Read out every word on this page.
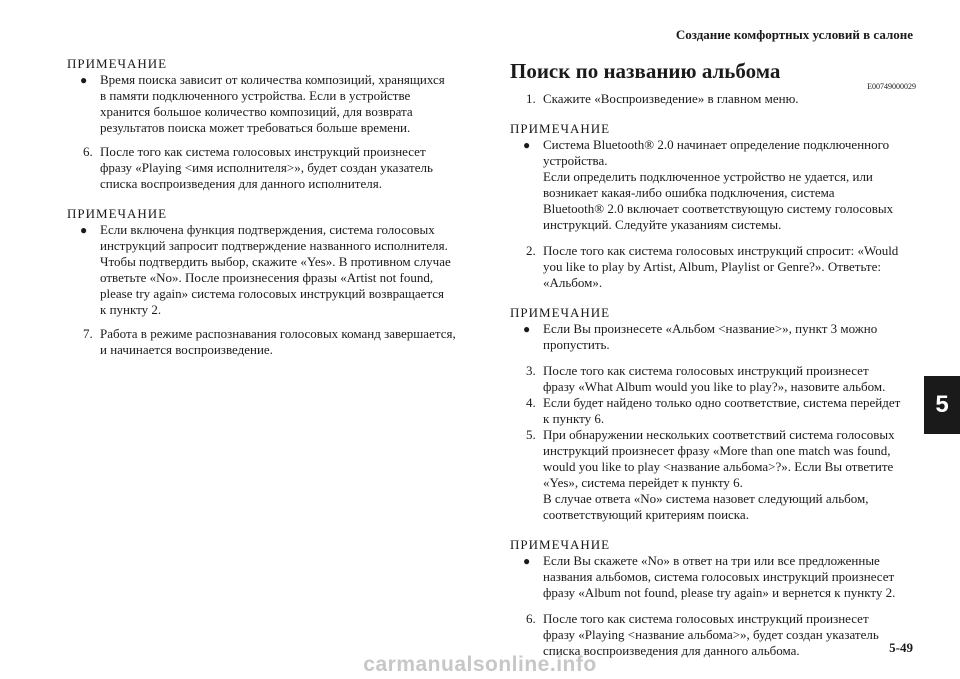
Создание комфортных условий в салоне
ПРИМЕЧАНИЕ
● Время поиска зависит от количества композиций, хранящихся
в памяти подключенного устройства. Если в устройстве
хранится большое количество композиций, для возврата
результатов поиска может требоваться больше времени.
6. После того как система голосовых инструкций произнесет
фразу «Playing <имя исполнителя>», будет создан указатель
списка воспроизведения для данного исполнителя.
ПРИМЕЧАНИЕ
● Если включена функция подтверждения, система голосовых
инструкций запросит подтверждение названного исполнителя.
Чтобы подтвердить выбор, скажите «Yes». В противном случае
ответьте «No». После произнесения фразы «Artist not found,
please try again» система голосовых инструкций возвращается
к пункту 2.
7. Работа в режиме распознавания голосовых команд завершается,
и начинается воспроизведение.
Поиск по названию альбома
E00749000029
1. Скажите «Воспроизведение» в главном меню.
ПРИМЕЧАНИЕ
● Система Bluetooth® 2.0 начинает определение подключенного
устройства.
Если определить подключенное устройство не удается, или
возникает какая-либо ошибка подключения, система
Bluetooth® 2.0 включает соответствующую систему голосовых
инструкций. Следуйте указаниям системы.
2. После того как система голосовых инструкций спросит: «Would
you like to play by Artist, Album, Playlist or Genre?». Ответьте:
«Альбом».
ПРИМЕЧАНИЕ
● Если Вы произнесете «Альбом <название>», пункт 3 можно
пропустить.
3. После того как система голосовых инструкций произнесет
фразу «What Album would you like to play?», назовите альбом.
4. Если будет найдено только одно соответствие, система перейдет
к пункту 6.
5. При обнаружении нескольких соответствий система голосовых
инструкций произнесет фразу «More than one match was found,
would you like to play <название альбома>?». Если Вы ответите
«Yes», система перейдет к пункту 6.
В случае ответа «No» система назовет следующий альбом,
соответствующий критериям поиска.
ПРИМЕЧАНИЕ
● Если Вы скажете «No» в ответ на три или все предложенные
названия альбомов, система голосовых инструкций произнесет
фразу «Album not found, please try again» и вернется к пункту 2.
6. После того как система голосовых инструкций произнесет
фразу «Playing <название альбома>», будет создан указатель
списка воспроизведения для данного альбома.
5
5-49
carmanualsonline.info
